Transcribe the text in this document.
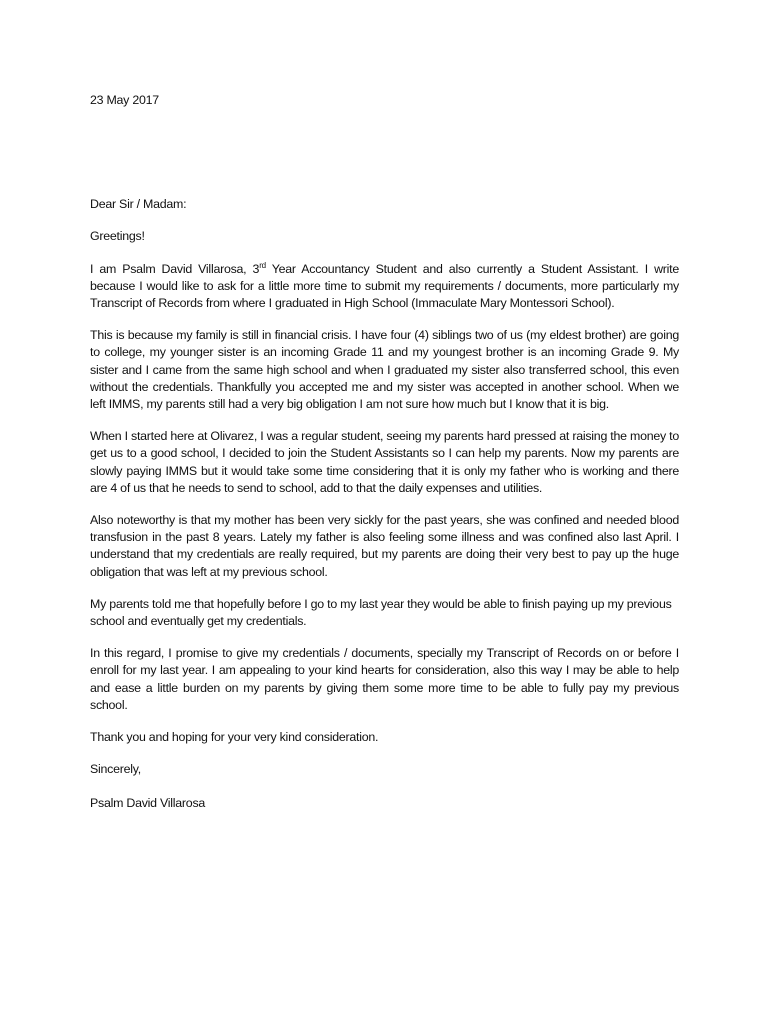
23 May 2017

Dear Sir / Madam:

Greetings!

I am Psalm David Villarosa, 3rd Year Accountancy Student and also currently a Student Assistant. I write because I would like to ask for a little more time to submit my requirements / documents, more particularly my Transcript of Records from where I graduated in High School (Immaculate Mary Montessori School).

This is because my family is still in financial crisis. I have four (4) siblings two of us (my eldest brother) are going to college, my younger sister is an incoming Grade 11 and my youngest brother is an incoming Grade 9. My sister and I came from the same high school and when I graduated my sister also transferred school, this even without the credentials. Thankfully you accepted me and my sister was accepted in another school. When we left IMMS, my parents still had a very big obligation I am not sure how much but I know that it is big.

When I started here at Olivarez, I was a regular student, seeing my parents hard pressed at raising the money to get us to a good school, I decided to join the Student Assistants so I can help my parents. Now my parents are slowly paying IMMS but it would take some time considering that it is only my father who is working and there are 4 of us that he needs to send to school, add to that the daily expenses and utilities.

Also noteworthy is that my mother has been very sickly for the past years, she was confined and needed blood transfusion in the past 8 years. Lately my father is also feeling some illness and was confined also last April. I understand that my credentials are really required, but my parents are doing their very best to pay up the huge obligation that was left at my previous school.

My parents told me that hopefully before I go to my last year they would be able to finish paying up my previous school and eventually get my credentials.

In this regard, I promise to give my credentials / documents, specially my Transcript of Records on or before I enroll for my last year. I am appealing to your kind hearts for consideration, also this way I may be able to help and ease a little burden on my parents by giving them some more time to be able to fully pay my previous school.

Thank you and hoping for your very kind consideration.

Sincerely,

Psalm David Villarosa
